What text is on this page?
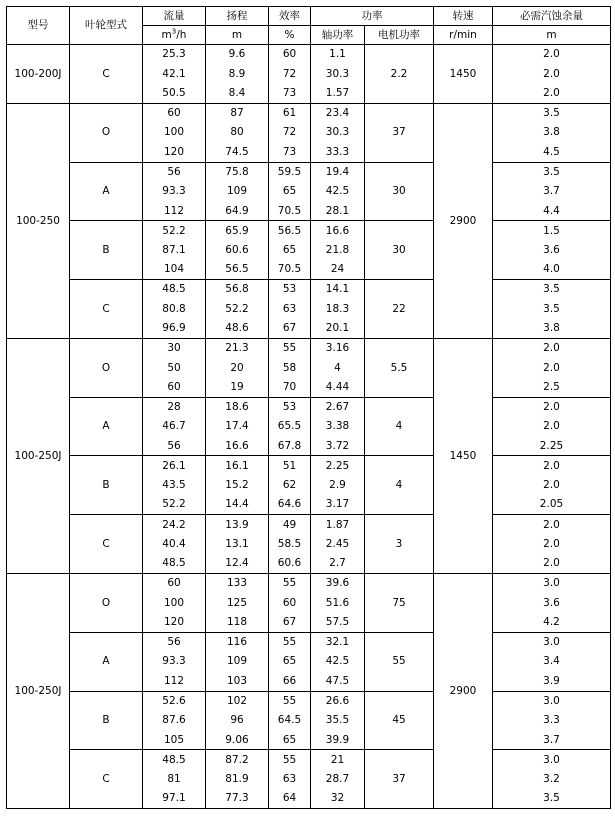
型号	叶轮型式	流量	扬程	效率	功率		转速	必需汽蚀余量
		$m^3/h$	m	%	轴功率	电机功率	r/min	m
100-200J	C	25.3	9.6	60	1.1	2.2	1450	2.0
		42.1	8.9	72	30.3			2.0
		50.5	8.4	73	1.57			2.0
100-250	O	60	87	61	23.4	37	2900	3.5
		100	80	72	30.3			3.8
		120	74.5	73	33.3			4.5
	A	56	75.8	59.5	19.4	30		3.5
		93.3	109	65	42.5			3.7
		112	64.9	70.5	28.1			4.4
	B	52.2	65.9	56.5	16.6	30		1.5
		87.1	60.6	65	21.8			3.6
		104	56.5	70.5	24			4.0
	C	48.5	56.8	53	14.1	22		3.5
		80.8	52.2	63	18.3			3.5
		96.9	48.6	67	20.1			3.8
100-250J	O	30	21.3	55	3.16	5.5	1450	2.0
		50	20	58	4			2.0
		60	19	70	4.44			2.5
	A	28	18.6	53	2.67	4		2.0
		46.7	17.4	65.5	3.38			2.0
		56	16.6	67.8	3.72			2.25
	B	26.1	16.1	51	2.25	4		2.0
		43.5	15.2	62	2.9			2.0
		52.2	14.4	64.6	3.17			2.05
	C	24.2	13.9	49	1.87	3		2.0
		40.4	13.1	58.5	2.45			2.0
		48.5	12.4	60.6	2.7			2.0
100-250J	O	60	133	55	39.6	75	2900	3.0
		100	125	60	51.6			3.6
		120	118	67	57.5			4.2
	A	56	116	55	32.1	55		3.0
		93.3	109	65	42.5			3.4
		112	103	66	47.5			3.9
	B	52.6	102	55	26.6	45		3.0
		87.6	96	64.5	35.5			3.3
		105	9.06	65	39.9			3.7
	C	48.5	87.2	55	21	37		3.0
		81	81.9	63	28.7			3.2
		97.1	77.3	64	32			3.5
